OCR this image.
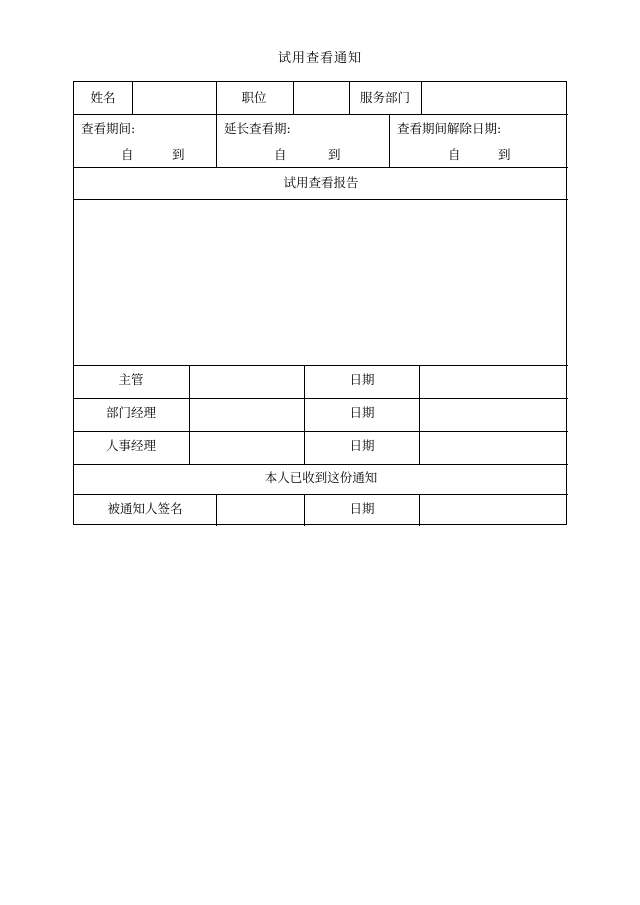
试用查看通知
姓名	职位	服务部门
查看期间:
自	到
延长查看期:
自	到
查看期间解除日期:
自	到
试用查看报告
主管	日期
部门经理	日期
人事经理	日期
本人已收到这份通知
被通知人签名	日期
